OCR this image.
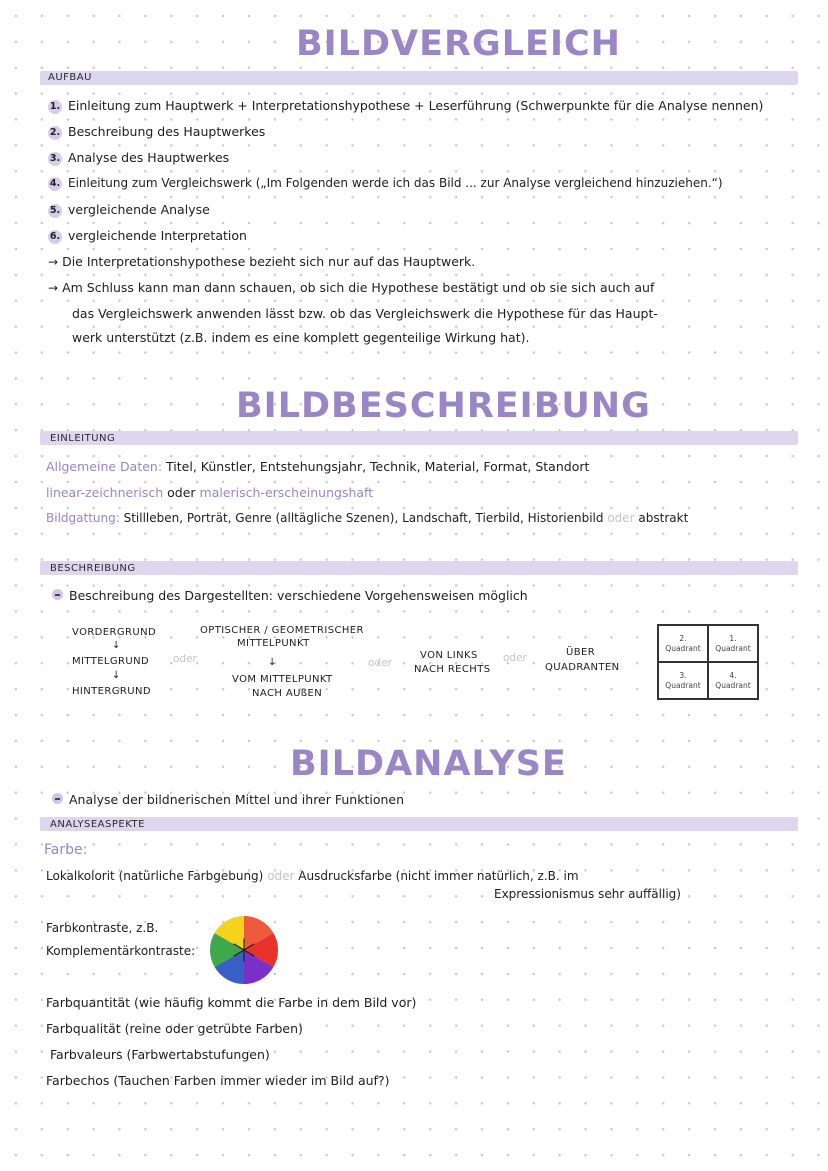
BILDVERGLEICH
AUFBAU
1. Einleitung zum Hauptwerk + Interpretationshypothese + Leserführung (Schwerpunkte für die Analyse nennen)
2. Beschreibung des Hauptwerkes
3. Analyse des Hauptwerkes
4. Einleitung zum Vergleichswerk („Im Folgenden werde ich das Bild ... zur Analyse vergleichend hinzuziehen.“)
5. vergleichende Analyse
6. vergleichende Interpretation
→ Die Interpretationshypothese bezieht sich nur auf das Hauptwerk.
→ Am Schluss kann man dann schauen, ob sich die Hypothese bestätigt und ob sie sich auch auf
das Vergleichswerk anwenden lässt bzw. ob das Vergleichswerk die Hypothese für das Haupt-
werk unterstützt (z.B. indem es eine komplett gegenteilige Wirkung hat).
BILDBESCHREIBUNG
EINLEITUNG
Allgemeine Daten: Titel, Künstler, Entstehungsjahr, Technik, Material, Format, Standort
linear-zeichnerisch oder malerisch-erscheinungshaft
Bildgattung: Stillleben, Porträt, Genre (alltägliche Szenen), Landschaft, Tierbild, Historienbild oder abstrakt
BESCHREIBUNG
Beschreibung des Dargestellten: verschiedene Vorgehensweisen möglich
VORDERGRUND
↓
MITTELGRUND
↓
HINTERGRUND
oder
OPTISCHER / GEOMETRISCHER
MITTELPUNKT
↓
VOM MITTELPUNKT
NACH AUßEN
oder
VON LINKS
NACH RECHTS
oder	ÜBER
QUADRANTEN
2.
Quadrant
1.
Quadrant
3.
Quadrant
4.
Quadrant
BILDANALYSE
Analyse der bildnerischen Mittel und ihrer Funktionen
ANALYSEASPEKTE
Farbe:
Lokalkolorit (natürliche Farbgebung) oder Ausdrucksfarbe (nicht immer natürlich, z.B. im
Expressionismus sehr auffällig)
Farbkontraste, z.B.
Komplementärkontraste:
Farbquantität (wie häufig kommt die Farbe in dem Bild vor)
Farbqualität (reine oder getrübte Farben)
Farbvaleurs (Farbwertabstufungen)
Farbechos (Tauchen Farben immer wieder im Bild auf?)
